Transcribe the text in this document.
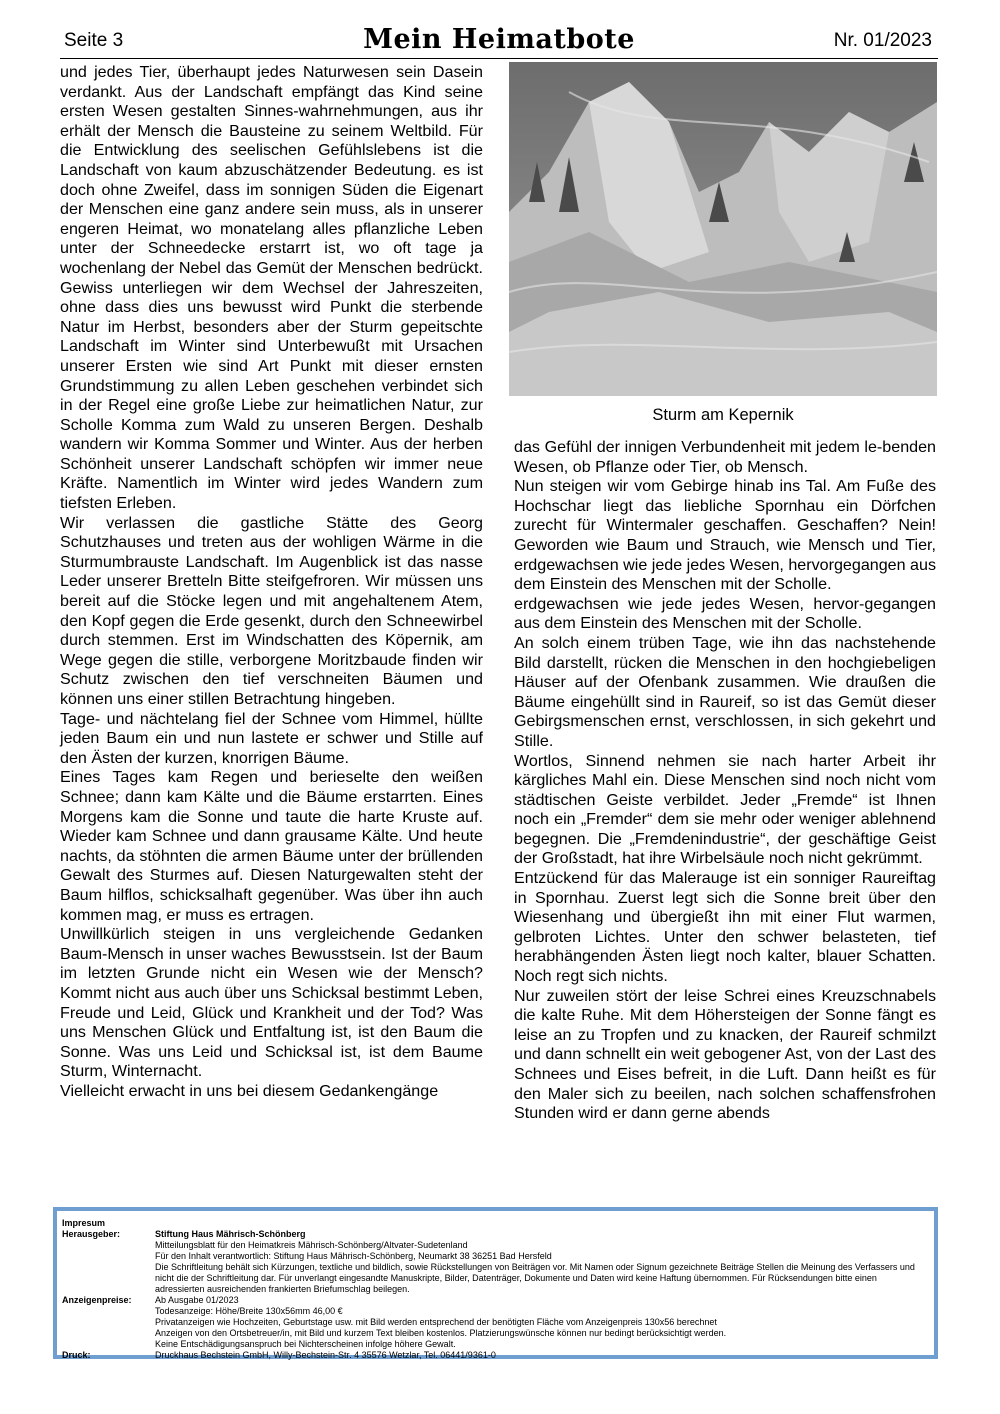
Seite 3	Mein Heimatbote	Nr. 01/2023

und jedes Tier, überhaupt jedes Naturwesen sein Dasein verdankt. Aus der Landschaft empfängt das Kind seine ersten Wesen gestalten Sinnes-wahrnehmungen, aus ihr erhält der Mensch die Bausteine zu seinem Weltbild. Für die Entwicklung des seelischen Gefühlslebens ist die Landschaft von kaum abzuschätzender Bedeutung. es ist doch ohne Zweifel, dass im sonnigen Süden die Eigenart der Menschen eine ganz andere sein muss, als in unserer engeren Heimat, wo monatelang alles pflanzliche Leben unter der Schneedecke erstarrt ist, wo oft tage ja wochenlang der Nebel das Gemüt der Menschen bedrückt. Gewiss unterliegen wir dem Wechsel der Jahreszeiten, ohne dass dies uns bewusst wird Punkt die sterbende Natur im Herbst, besonders aber der Sturm gepeitschte Landschaft im Winter sind Unterbewußt mit Ursachen unserer Ersten wie sind Art Punkt mit dieser ernsten Grundstimmung zu allen Leben geschehen verbindet sich in der Regel eine große Liebe zur heimatlichen Natur, zur Scholle Komma zum Wald zu unseren Bergen. Deshalb wandern wir Komma Sommer und Winter. Aus der herben Schönheit unserer Landschaft schöpfen wir immer neue Kräfte. Namentlich im Winter wird jedes Wandern zum tiefsten Erleben.

Wir verlassen die gastliche Stätte des Georg Schutzhauses und treten aus der wohligen Wärme in die Sturmumbrauste Landschaft. Im Augenblick ist das nasse Leder unserer Bretteln Bitte steifgefroren. Wir müssen uns bereit auf die Stöcke legen und mit angehaltenem Atem, den Kopf gegen die Erde gesenkt, durch den Schneewirbel durch stemmen. Erst im Windschatten des Köpernik, am Wege gegen die stille, verborgene Moritzbaude finden wir Schutz zwischen den tief verschneiten Bäumen und können uns einer stillen Betrachtung hingeben.

Tage- und nächtelang fiel der Schnee vom Himmel, hüllte jeden Baum ein und nun lastete er schwer und Stille auf den Ästen der kurzen, knorrigen Bäume.

Eines Tages kam Regen und berieselte den weißen Schnee; dann kam Kälte und die Bäume erstarrten. Eines Morgens kam die Sonne und taute die harte Kruste auf. Wieder kam Schnee und dann grausame Kälte. Und heute nachts, da stöhnten die armen Bäume unter der brüllenden Gewalt des Sturmes auf. Diesen Naturgewalten steht der Baum hilflos, schicksalhaft gegenüber. Was über ihn auch kommen mag, er muss es ertragen.

Unwillkürlich steigen in uns vergleichende Gedanken Baum-Mensch in unser waches Bewusstsein. Ist der Baum im letzten Grunde nicht ein Wesen wie der Mensch? Kommt nicht aus auch über uns Schicksal bestimmt Leben, Freude und Leid, Glück und Krankheit und der Tod? Was uns Menschen Glück und Entfaltung ist, ist den Baum die Sonne. Was uns Leid und Schicksal ist, ist dem Baume Sturm, Winternacht.

Vielleicht erwacht in uns bei diesem Gedankengänge

Sturm am Kepernik

das Gefühl der innigen Verbundenheit mit jedem le-benden Wesen, ob Pflanze oder Tier, ob Mensch.

Nun steigen wir vom Gebirge hinab ins Tal. Am Fuße des Hochschar liegt das liebliche Spornhau ein Dörfchen zurecht für Wintermaler geschaffen. Geschaffen? Nein! Geworden wie Baum und Strauch, wie Mensch und Tier, erdgewachsen wie jede jedes Wesen, hervorgegangen aus dem Einstein des Menschen mit der Scholle.

erdgewachsen wie jede jedes Wesen, hervor-gegangen aus dem Einstein des Menschen mit der Scholle.

An solch einem trüben Tage, wie ihn das nachstehende Bild darstellt, rücken die Menschen in den hochgiebeligen Häuser auf der Ofenbank zusammen. Wie draußen die Bäume eingehüllt sind in Raureif, so ist das Gemüt dieser Gebirgsmenschen ernst, verschlossen, in sich gekehrt und Stille.

Wortlos, Sinnend nehmen sie nach harter Arbeit ihr kärgliches Mahl ein. Diese Menschen sind noch nicht vom städtischen Geiste verbildet. Jeder „Fremde“ ist Ihnen noch ein „Fremder“ dem sie mehr oder weniger ablehnend begegnen. Die „Fremdenindustrie“, der geschäftige Geist der Großstadt, hat ihre Wirbelsäule noch nicht gekrümmt.

Entzückend für das Malerauge ist ein sonniger Raureiftag in Spornhau. Zuerst legt sich die Sonne breit über den Wiesenhang und übergießt ihn mit einer Flut warmen, gelbroten Lichtes. Unter den schwer belasteten, tief herabhängenden Ästen liegt noch kalter, blauer Schatten. Noch regt sich nichts.

Nur zuweilen stört der leise Schrei eines Kreuzschnabels die kalte Ruhe. Mit dem Höhersteigen der Sonne fängt es leise an zu Tropfen und zu knacken, der Raureif schmilzt und dann schnellt ein weit gebogener Ast, von der Last des Schnees und Eises befreit, in die Luft. Dann heißt es für den Maler sich zu beeilen, nach solchen schaffensfrohen Stunden wird er dann gerne abends

Impresum
Herausgeber:	Stiftung Haus Mährisch-Schönberg
Mitteilungsblatt für den Heimatkreis Mährisch-Schönberg/Altvater-Sudetenland
Für den Inhalt verantwortlich: Stiftung Haus Mährisch-Schönberg, Neumarkt 38 36251 Bad Hersfeld
Die Schriftleitung behält sich Kürzungen, textliche und bildlich, sowie Rückstellungen von Beiträgen vor. Mit Namen oder Signum gezeichnete Beiträge Stellen die Meinung des Verfassers und nicht die der Schriftleitung dar. Für unverlangt eingesandte Manuskripte, Bilder, Datenträger, Dokumente und Daten wird keine Haftung übernommen. Für Rücksendungen bitte einen adressierten ausreichenden frankierten Briefumschlag beilegen.
Anzeigenpreise:	Ab Ausgabe 01/2023
Todesanzeige: Höhe/Breite 130x56mm 46,00 €
Privatanzeigen wie Hochzeiten, Geburtstage usw. mit Bild werden entsprechend der benötigten Fläche vom Anzeigenpreis 130x56 berechnet
Anzeigen von den Ortsbetreuer/in, mit Bild und kurzem Text bleiben kostenlos. Platzierungswünsche können nur bedingt berücksichtigt werden.
Keine Entschädigungsanspruch bei Nichterscheinen infolge höhere Gewalt.
Druck:	Druckhaus Bechstein GmbH, Willy-Bechstein-Str. 4 35576 Wetzlar, Tel. 06441/9361-0
